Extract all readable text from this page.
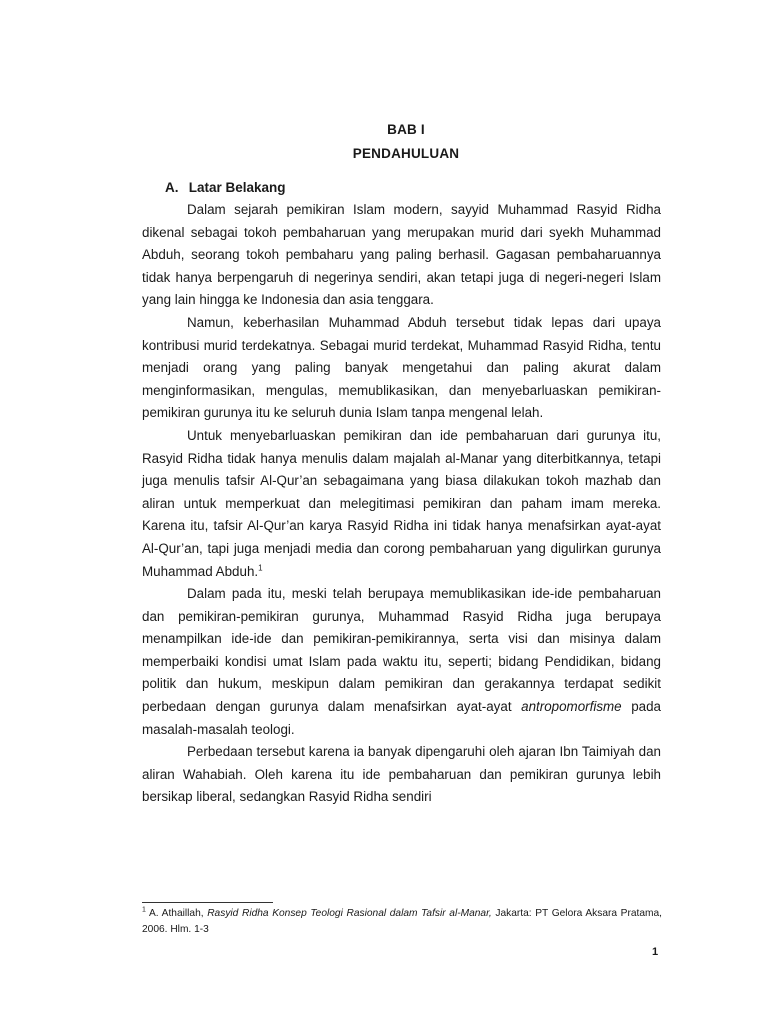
BAB I
PENDAHULUAN
A. Latar Belakang

Dalam sejarah pemikiran Islam modern, sayyid Muhammad Rasyid Ridha dikenal sebagai tokoh pembaharuan yang merupakan murid dari syekh Muhammad Abduh, seorang tokoh pembaharu yang paling berhasil. Gagasan pembaharuannya tidak hanya berpengaruh di negerinya sendiri, akan tetapi juga di negeri-negeri Islam yang lain hingga ke Indonesia dan asia tenggara.

Namun, keberhasilan Muhammad Abduh tersebut tidak lepas dari upaya kontribusi murid terdekatnya. Sebagai murid terdekat, Muhammad Rasyid Ridha, tentu menjadi orang yang paling banyak mengetahui dan paling akurat dalam menginformasikan, mengulas, memublikasikan, dan menyebarluaskan pemikiran-pemikiran gurunya itu ke seluruh dunia Islam tanpa mengenal lelah.

Untuk menyebarluaskan pemikiran dan ide pembaharuan dari gurunya itu, Rasyid Ridha tidak hanya menulis dalam majalah al-Manar yang diterbitkannya, tetapi juga menulis tafsir Al-Qur’an sebagaimana yang biasa dilakukan tokoh mazhab dan aliran untuk memperkuat dan melegitimasi pemikiran dan paham imam mereka. Karena itu, tafsir Al-Qur’an karya Rasyid Ridha ini tidak hanya menafsirkan ayat-ayat Al-Qur’an, tapi juga menjadi media dan corong pembaharuan yang digulirkan gurunya Muhammad Abduh.$^1$

Dalam pada itu, meski telah berupaya memublikasikan ide-ide pembaharuan dan pemikiran-pemikiran gurunya, Muhammad Rasyid Ridha juga berupaya menampilkan ide-ide dan pemikiran-pemikirannya, serta visi dan misinya dalam memperbaiki kondisi umat Islam pada waktu itu, seperti; bidang Pendidikan, bidang politik dan hukum, meskipun dalam pemikiran dan gerakannya terdapat sedikit perbedaan dengan gurunya dalam menafsirkan ayat-ayat antropomorfisme pada masalah-masalah teologi.

Perbedaan tersebut karena ia banyak dipengaruhi oleh ajaran Ibn Taimiyah dan aliran Wahabiah. Oleh karena itu ide pembaharuan dan pemikiran gurunya lebih bersikap liberal, sedangkan Rasyid Ridha sendiri

$^1$ A. Athaillah, Rasyid Ridha Konsep Teologi Rasional dalam Tafsir al-Manar, Jakarta: PT Gelora Aksara Pratama, 2006. Hlm. 1-3
1
